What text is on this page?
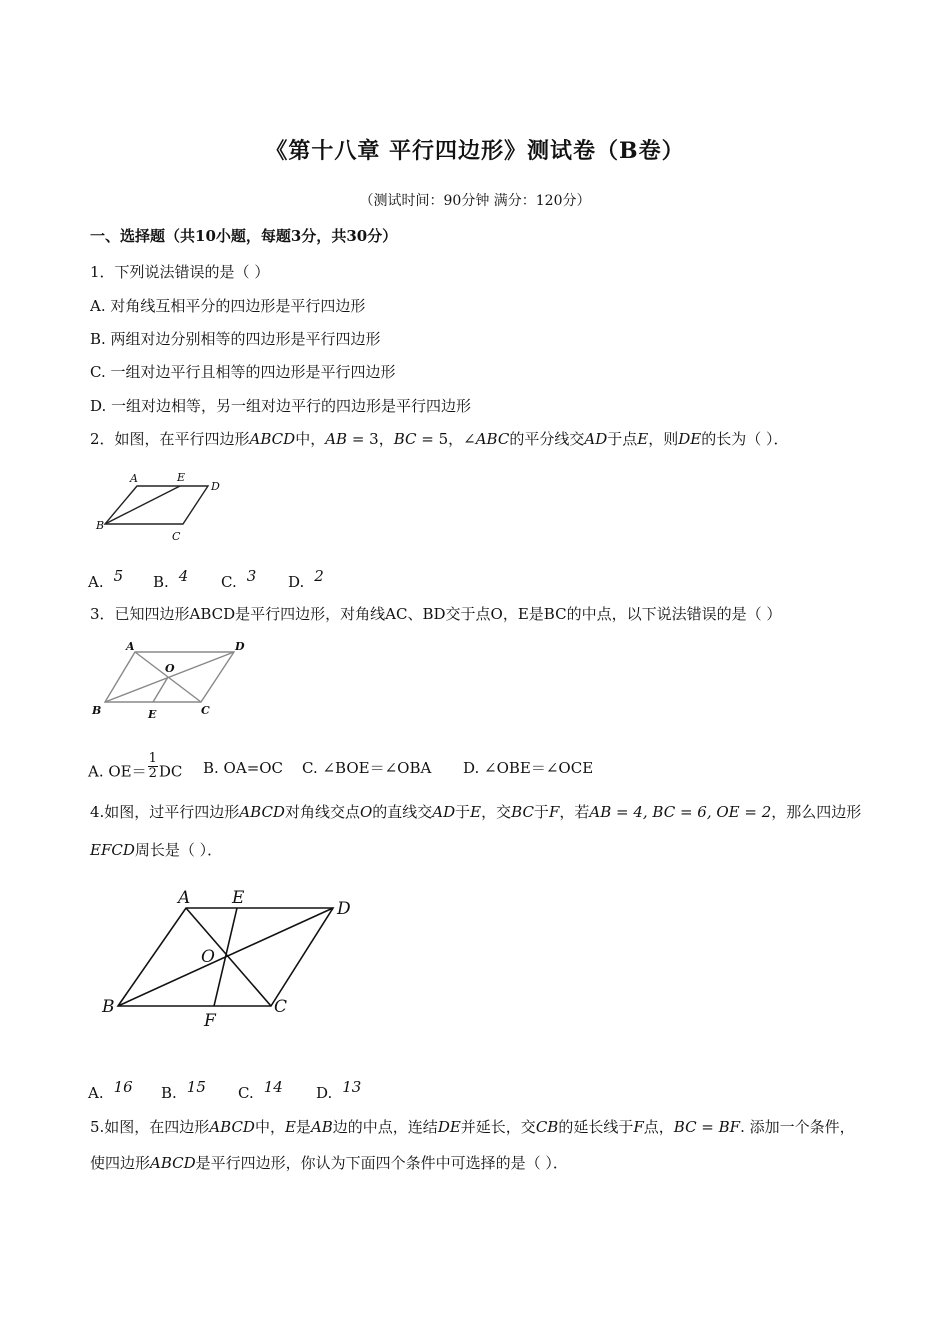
《第十八章 平行四边形》测试卷（B卷）
（测试时间：90分钟 满分：120分）
一、选择题（共10小题，每题3分，共30分）
1．下列说法错误的是（ ）
A. 对角线互相平分的四边形是平行四边形
B. 两组对边分别相等的四边形是平行四边形
C. 一组对边平行且相等的四边形是平行四边形
D. 一组对边相等，另一组对边平行的四边形是平行四边形
2．如图，在平行四边形ABCD中，AB = 3，BC = 5，∠ABC的平分线交AD于点E，则DE的长为（ ）．
A	E
D
B
C
A. 5 B. 4 C. 3 D. 2
3．已知四边形ABCD是平行四边形，对角线AC、BD交于点O，E是BC的中点，以下说法错误的是（ ）
A	D
O
B	E	C
A. $OE= \frac{1}{2}$ DC B. OA=OC C. ∠BOE＝∠OBA D. ∠OBE＝∠OCE
4.如图，过平行四边形ABCD对角线交点O的直线交AD于E，交BC于F，若AB = 4, BC = 6, OE = 2，那么四边形
EFCD周长是（ ）．
A E
D
O
B
F
C
A. 16 B. 15 C. 14 D. 13
5.如图，在四边形ABCD中，E是AB边的中点，连结DE并延长，交CB的延长线于F点，BC = BF. 添加一个条件，
使四边形ABCD是平行四边形，你认为下面四个条件中可选择的是（ ）．
